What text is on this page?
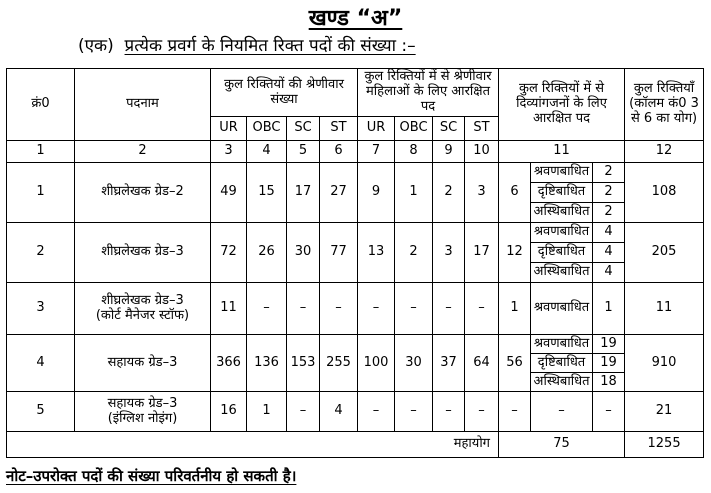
खण्ड “अ”
(एक) प्रत्येक प्रवर्ग के नियमित रिक्त पदों की संख्या :–
क्रं0	पदनाम	कुल रिक्तियों की श्रेणीवार संख्या				कुल रिक्तियों में से श्रेणीवार महिलाओं के लिए आरक्षित पद				कुल रिक्तियों में से दिव्यांगजनों के लिए आरक्षित पद			कुल रिक्तियाँ (कॉलम कं0 3 से 6 का योग)
		UR	OBC	SC	ST	UR	OBC	SC	ST				
1	2	3	4	5	6	7	8	9	10	11			12
1	शीघ्रलेखक ग्रेड–2	49	15	17	27	9	1	2	3	6	श्रवणबाधित	2	108
											दृष्टिबाधित	2	
											अस्थिबाधित	2	
2	शीघ्रलेखक ग्रेड–3	72	26	30	77	13	2	3	17	12	श्रवणबाधित	4	205
											दृष्टिबाधित	4	
											अस्थिबाधित	4	
3	शीघ्रलेखक ग्रेड–3
(कोर्ट मैनेजर स्टॉफ)	11	–	–	–	–	–	–	–	1	श्रवणबाधित	1	11
4	सहायक ग्रेड–3	366	136	153	255	100	30	37	64	56	श्रवणबाधित	19	910
											दृष्टिबाधित	19	
											अस्थिबाधित	18	
5	सहायक ग्रेड–3
(इंग्लिश नोइंग)	16	1	–	4	–	–	–	–	–	–	–	21
महायोग										75			1255
नोट–उपरोक्त पदों की संख्या परिवर्तनीय हो सकती है।
